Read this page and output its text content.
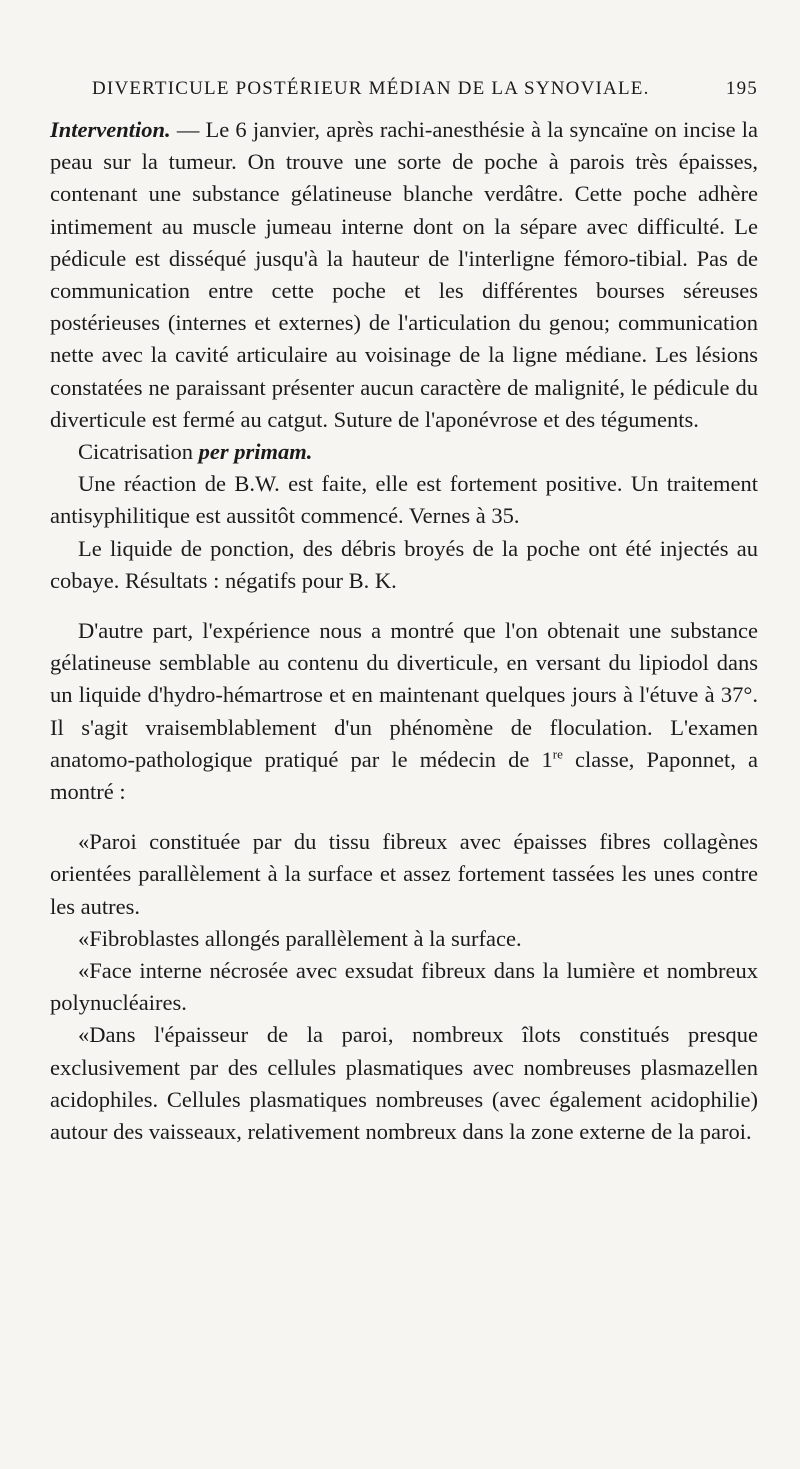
DIVERTICULE POSTÉRIEUR MÉDIAN DE LA SYNOVIALE.	195

Intervention. — Le 6 janvier, après rachi-anesthésie à la syncaïne on incise la peau sur la tumeur. On trouve une sorte de poche à parois très épaisses, contenant une substance gélatineuse blanche verdâtre. Cette poche adhère intimement au muscle jumeau interne dont on la sépare avec difficulté. Le pédicule est disséqué jusqu'à la hauteur de l'interligne fémoro-tibial. Pas de communication entre cette poche et les différentes bourses séreuses postérieuses (internes et externes) de l'articulation du genou; communication nette avec la cavité articulaire au voisinage de la ligne médiane. Les lésions constatées ne paraissant présenter aucun caractère de malignité, le pédicule du diverticule est fermé au catgut. Suture de l'aponévrose et des téguments.

Cicatrisation per primam.

Une réaction de B.W. est faite, elle est fortement positive. Un traitement antisyphilitique est aussitôt commencé. Vernes à 35.

Le liquide de ponction, des débris broyés de la poche ont été injectés au cobaye. Résultats : négatifs pour B. K.

D'autre part, l'expérience nous a montré que l'on obtenait une substance gélatineuse semblable au contenu du diverticule, en versant du lipiodol dans un liquide d'hydro-hémartrose et en maintenant quelques jours à l'étuve à 37°. Il s'agit vraisemblablement d'un phénomène de floculation. L'examen anatomo-pathologique pratiqué par le médecin de 1re classe, Paponnet, a montré :

«Paroi constituée par du tissu fibreux avec épaisses fibres collagènes orientées parallèlement à la surface et assez fortement tassées les unes contre les autres.

«Fibroblastes allongés parallèlement à la surface.

«Face interne nécrosée avec exsudat fibreux dans la lumière et nombreux polynucléaires.

«Dans l'épaisseur de la paroi, nombreux îlots constitués presque exclusivement par des cellules plasmatiques avec nombreuses plasmazellen acidophiles. Cellules plasmatiques nombreuses (avec également acidophilie) autour des vaisseaux, relativement nombreux dans la zone externe de la paroi.
